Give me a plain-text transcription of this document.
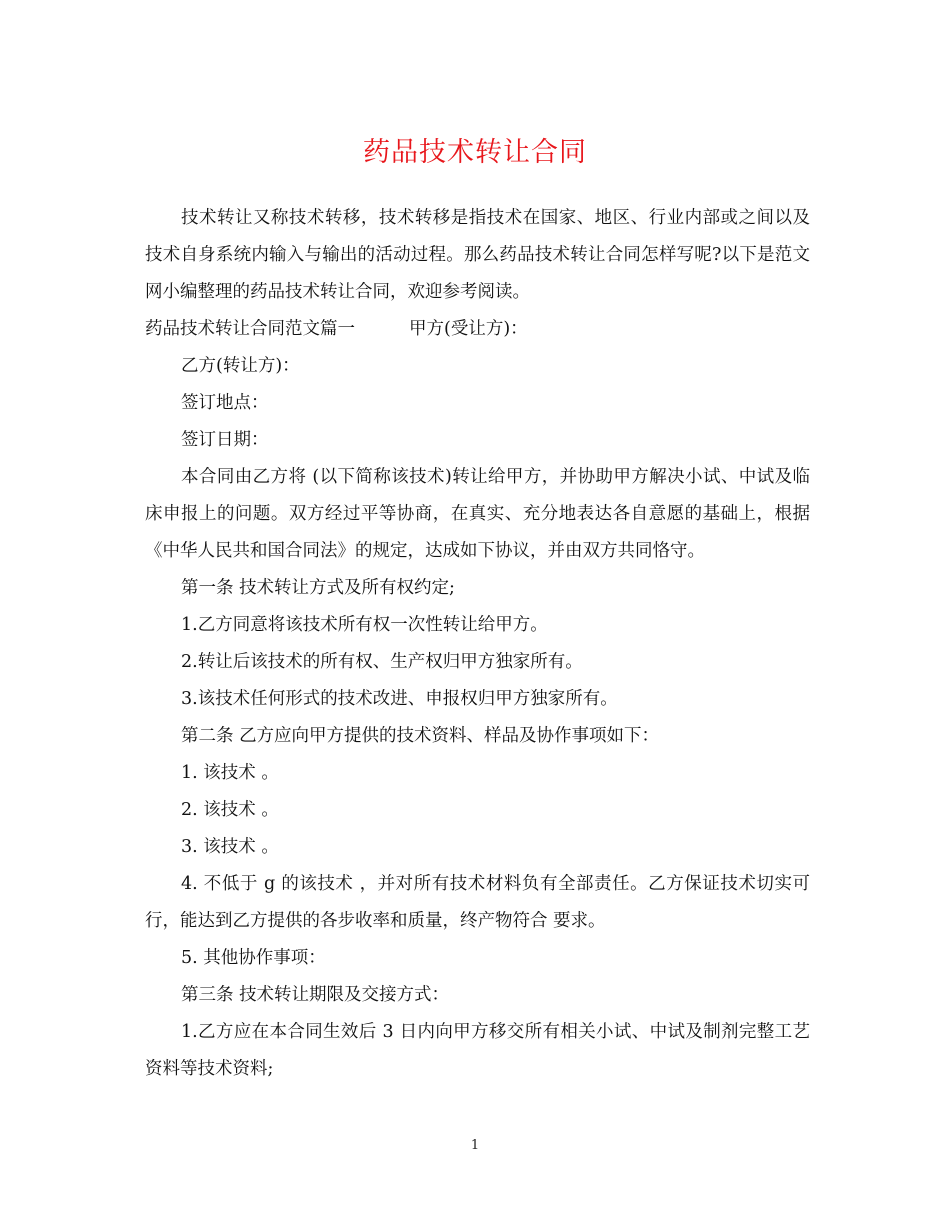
药品技术转让合同

技术转让又称技术转移，技术转移是指技术在国家、地区、行业内部或之间以及技术自身系统内输入与输出的活动过程。那么药品技术转让合同怎样写呢?以下是范文网小编整理的药品技术转让合同，欢迎参考阅读。

药品技术转让合同范文篇一	甲方(受让方)：

乙方(转让方)：

签订地点：

签订日期：

本合同由乙方将 (以下简称该技术)转让给甲方，并协助甲方解决小试、中试及临床申报上的问题。双方经过平等协商，在真实、充分地表达各自意愿的基础上，根据《中华人民共和国合同法》的规定，达成如下协议，并由双方共同恪守。

第一条 技术转让方式及所有权约定;

1.乙方同意将该技术所有权一次性转让给甲方。

2.转让后该技术的所有权、生产权归甲方独家所有。

3.该技术任何形式的技术改进、申报权归甲方独家所有。

第二条 乙方应向甲方提供的技术资料、样品及协作事项如下：

1. 该技术 。

2. 该技术 。

3. 该技术 。

4. 不低于 g 的该技术 ，并对所有技术材料负有全部责任。乙方保证技术切实可行，能达到乙方提供的各步收率和质量，终产物符合 要求。

5. 其他协作事项：

第三条 技术转让期限及交接方式：

1.乙方应在本合同生效后 3 日内向甲方移交所有相关小试、中试及制剂完整工艺资料等技术资料;

1
